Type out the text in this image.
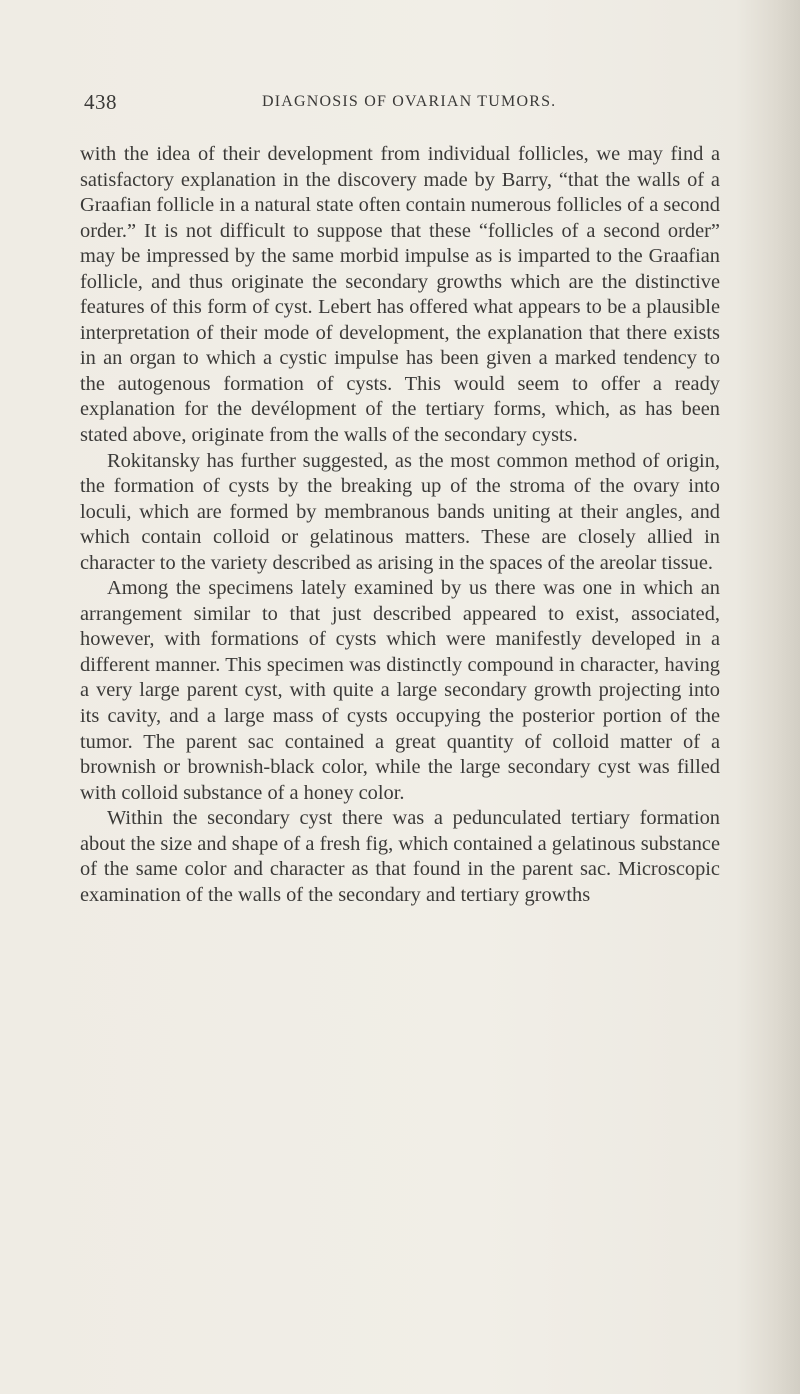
438	DIAGNOSIS OF OVARIAN TUMORS.

with the idea of their development from individual follicles, we may find a satisfactory explanation in the discovery made by Barry, “that the walls of a Graafian follicle in a natural state often contain numerous follicles of a second order.” It is not difficult to suppose that these “follicles of a second order” may be impressed by the same morbid impulse as is imparted to the Graafian follicle, and thus originate the secondary growths which are the distinctive features of this form of cyst. Lebert has offered what appears to be a plausible interpretation of their mode of development, the explanation that there exists in an organ to which a cystic impulse has been given a marked tendency to the autogenous formation of cysts. This would seem to offer a ready explanation for the devélopment of the tertiary forms, which, as has been stated above, originate from the walls of the secondary cysts.

Rokitansky has further suggested, as the most common method of origin, the formation of cysts by the breaking up of the stroma of the ovary into loculi, which are formed by membranous bands uniting at their angles, and which contain colloid or gelatinous matters. These are closely allied in character to the variety described as arising in the spaces of the areolar tissue.

Among the specimens lately examined by us there was one in which an arrangement similar to that just described appeared to exist, associated, however, with formations of cysts which were manifestly developed in a different manner. This specimen was distinctly compound in character, having a very large parent cyst, with quite a large secondary growth projecting into its cavity, and a large mass of cysts occupying the posterior portion of the tumor. The parent sac contained a great quantity of colloid matter of a brownish or brownish-black color, while the large secondary cyst was filled with colloid substance of a honey color.

Within the secondary cyst there was a pedunculated tertiary formation about the size and shape of a fresh fig, which contained a gelatinous substance of the same color and character as that found in the parent sac. Microscopic examination of the walls of the secondary and tertiary growths
